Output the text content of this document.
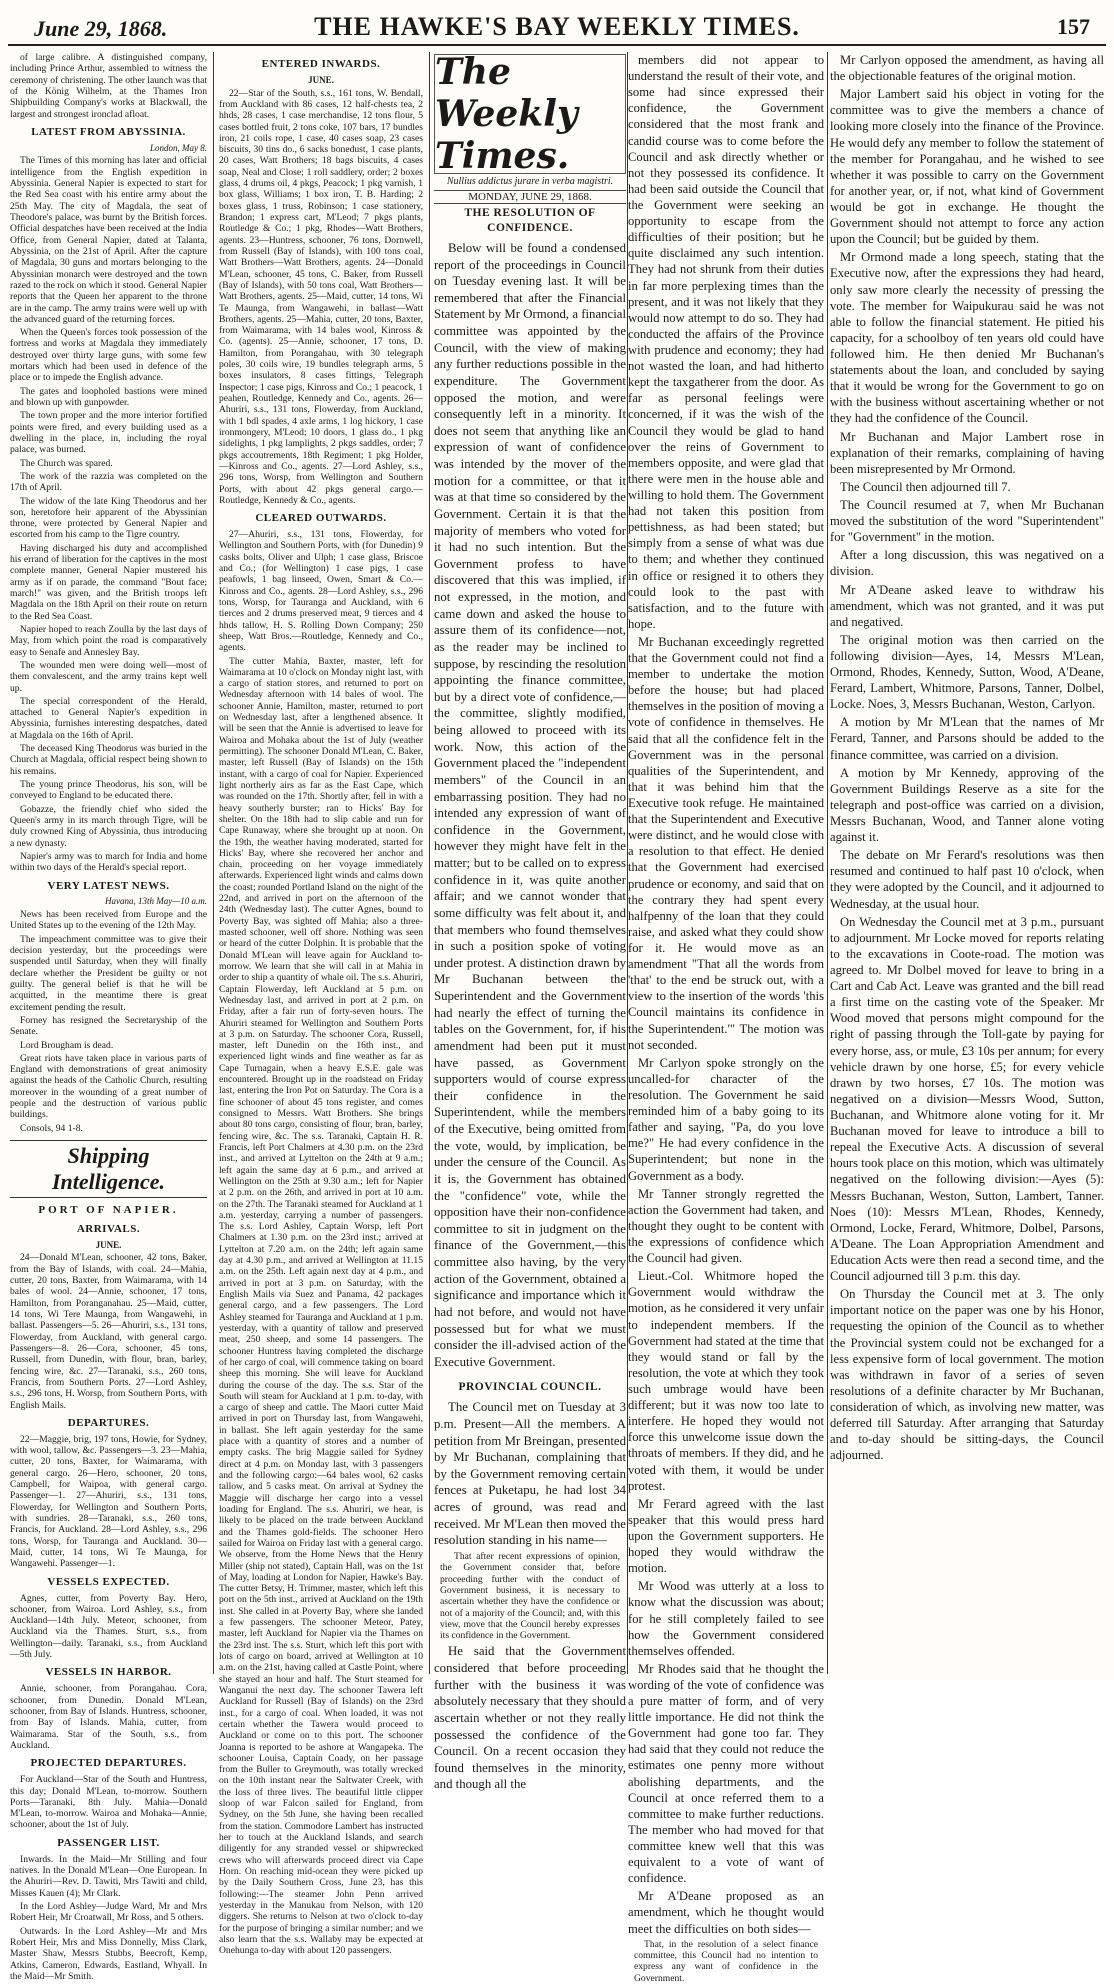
June 29, 1868.	THE HAWKE'S BAY WEEKLY TIMES.	157

of large calibre. A distinguished company, including Prince Arthur, assembled to witness the ceremony of christening. The other launch was that of the König Wilhelm, at the Thames Iron Shipbuilding Company's works at Blackwall, the largest and strongest ironclad afloat.

LATEST FROM ABYSSINIA.
London, May 8.

The Times of this morning has later and official intelligence from the English expedition in Abyssinia. General Napier is expected to start for the Red Sea coast with his entire army about the 25th May. The city of Magdala, the seat of Theodore's palace, was burnt by the British forces. Official despatches have been received at the India Office, from General Napier, dated at Talanta, Abyssinia, on the 21st of April. After the capture of Magdala, 30 guns and mortars belonging to the Abyssinian monarch were destroyed and the town razed to the rock on which it stood. General Napier reports that the Queen her apparent to the throne are in the camp. The army trains were well up with the advanced guard of the returning forces.

When the Queen's forces took possession of the fortress and works at Magdala they immediately destroyed over thirty large guns, with some few mortars which had been used in defence of the place or to impede the English advance.

The gates and loopholed bastions were mined and blown up with gunpowder.

The town proper and the more interior fortified points were fired, and every building used as a dwelling in the place, in, including the royal palace, was burned.

The Church was spared.

The work of the razzia was completed on the 17th of April.

The widow of the late King Theodorus and her son, heretofore heir apparent of the Abyssinian throne, were protected by General Napier and escorted from his camp to the Tigre country.

Having discharged his duty and accomplished his errand of liberation for the captives in the most complete manner, General Napier mustered his army as if on parade, the command "Bout face; march!" was given, and the British troops left Magdala on the 18th April on their route on return to the Red Sea Coast.

Napier hoped to reach Zoulla by the last days of May, from which point the road is comparatively easy to Senafe and Annesley Bay.

The wounded men were doing well—most of them convalescent, and the army trains kept well up.

The special correspondent of the Herald, attached to General Napier's expedition in Abyssinia, furnishes interesting despatches, dated at Magdala on the 16th of April.

The deceased King Theodorus was buried in the Church at Magdala, official respect being shown to his remains.

The young prince Theodorus, his son, will be conveyed to England to be educated there.

Gobazze, the friendly chief who sided the Queen's army in its march through Tigre, will be duly crowned King of Abyssinia, thus introducing a new dynasty.

Napier's army was to march for India and home within two days of the Herald's special report.

VERY LATEST NEWS.
Havana, 13th May—10 a.m.

News has been received from Europe and the United States up to the evening of the 12th May.

The impeachment committee was to give their decision yesterday, but the proceedings were suspended until Saturday, when they will finally declare whether the President be guilty or not guilty. The general belief is that he will be acquitted, in the meantime there is great excitement pending the result.

Forney has resigned the Secretaryship of the Senate.

Lord Brougham is dead.

Great riots have taken place in various parts of England with demonstrations of great animosity against the heads of the Catholic Church, resulting moreover in the wounding of a great number of people and the destruction of various public buildings.

Consols, 94 1-8.

Shipping Intelligence.
PORT OF NAPIER.
ARRIVALS.
JUNE.

24—Donald M'Lean, schooner, 42 tons, Baker, from the Bay of Islands, with coal. 24—Mahia, cutter, 20 tons, Baxter, from Waimarama, with 14 bales of wool. 24—Annie, schooner, 17 tons, Hamilton, from Poranganahau. 25—Maid, cutter, 14 tons, Wi Tere Maunga, from Wangawehi, in ballast. Passengers—5. 26—Ahuriri, s.s., 131 tons, Flowerday, from Auckland, with general cargo. Passengers—8. 26—Cora, schooner, 45 tons, Russell, from Dunedin, with flour, bran, barley, fencing wire, &c. 27—Taranaki, s.s., 260 tons, Francis, from Southern Ports. 27—Lord Ashley, s.s., 296 tons, H. Worsp, from Southern Ports, with English Mails.

DEPARTURES.

22—Maggie, brig, 197 tons, Howie, for Sydney, with wool, tallow, &c. Passengers—3. 23—Mahia, cutter, 20 tons, Baxter, for Waimarama, with general cargo. 26—Hero, schooner, 20 tons, Campbell, for Waipoa, with general cargo. Passenger—1. 27—Ahuriri, s.s., 131 tons, Flowerday, for Wellington and Southern Ports, with sundries. 28—Taranaki, s.s., 260 tons, Francis, for Auckland. 28—Lord Ashley, s.s., 296 tons, Worsp, for Tauranga and Auckland. 30—Maid, cutter, 14 tons, Wi Te Maunga, for Wangawehi. Passenger—1.

VESSELS EXPECTED.

Agnes, cutter, from Poverty Bay. Hero, schooner, from Wairoa. Lord Ashley, s.s., from Auckland—14th July. Meteor, schooner, from Auckland via the Thames. Sturt, s.s., from Wellington—daily. Taranaki, s.s., from Auckland—5th July.

VESSELS IN HARBOR.

Annie, schooner, from Porangahau. Cora, schooner, from Dunedin. Donald M'Lean, schooner, from Bay of Islands. Huntress, schooner, from Bay of Islands. Mahia, cutter, from Waimarama. Star of the South, s.s., from Auckland.

PROJECTED DEPARTURES.

For Auckland—Star of the South and Huntress, this day; Donald M'Lean, to-morrow. Southern Ports—Taranaki, 8th July. Mahia—Donald M'Lean, to-morrow. Wairoa and Mohaka—Annie, schooner, about the 1st of July.

PASSENGER LIST.

Inwards. In the Maid—Mr Stilling and four natives. In the Donald M'Lean—One European. In the Ahuriri—Rev. D. Tawiti, Mrs Tawiti and child, Misses Kauen (4); Mr Clark.

In the Lord Ashley—Judge Ward, Mr and Mrs Robert Heir, Mr Croatwall, Mr Ross, and 5 others.

Outwards. In the Lord Ashley—Mr and Mrs Robert Heir, Mrs and Miss Donnelly, Miss Clark, Master Shaw, Messrs Stubbs, Beecroft, Kemp, Atkins, Cameron, Edwards, Eastland, Whyall. In the Maid—Mr Smith.

ENTERED INWARDS.
JUNE.

22—Star of the South, s.s., 161 tons, W. Bendall, from Auckland with 86 cases, 12 half-chests tea, 2 hhds, 28 cases, 1 case merchandise, 12 tons flour, 5 cases bottled fruit, 2 tons coke, 107 bars, 17 bundles iron, 21 coils rope, 1 case, 40 cases soap, 23 cases biscuits, 30 tins do., 6 sacks bonedust, 1 case plants, 20 cases, Watt Brothers; 18 bags biscuits, 4 cases soap, Neal and Close; 1 roll saddlery, order; 2 boxes glass, 4 drums oil, 4 pkgs, Peacock; 1 pkg varnish, 1 box glass, Williams; 1 box iron, T. B. Harding; 2 boxes glass, 1 truss, Robinson; 1 case stationery, Brandon; 1 express cart, M'Leod; 7 pkgs plants, Routledge & Co.; 1 pkg, Rhodes—Watt Brothers, agents. 23—Huntress, schooner, 76 tons, Dornwell, from Russell (Bay of Islands), with 100 tons coal, Watt Brothers—Watt Brothers, agents. 24—Donald M'Lean, schooner, 45 tons, C. Baker, from Russell (Bay of Islands), with 50 tons coal, Watt Brothers—Watt Brothers, agents. 25—Maid, cutter, 14 tons, Wi Te Maunga, from Wangawehi, in ballast—Watt Brothers, agents. 25—Mahia, cutter, 20 tons, Baxter, from Waimarama, with 14 bales wool, Kinross & Co. (agents). 25—Annie, schooner, 17 tons, D. Hamilton, from Porangahau, with 30 telegraph poles, 30 coils wire, 19 bundles telegraph arms, 5 boxes insulators, 8 cases fittings, Telegraph Inspector; 1 case pigs, Kinross and Co.; 1 peacock, 1 peahen, Routledge, Kennedy and Co., agents. 26—Ahuriri, s.s., 131 tons, Flowerday, from Auckland, with 1 bdl spades, 4 axle arms, 1 log hickory, 1 case ironmongery, M'Leod; 10 doors, 1 glass do., 1 pkg sidelights, 1 pkg lamplights, 2 pkgs saddles, order; 7 pkgs accoutrements, 18th Regiment; 1 pkg Holder,—Kinross and Co., agents. 27—Lord Ashley, s.s., 296 tons, Worsp, from Wellington and Southern Ports, with about 42 pkgs general cargo.—Routledge, Kennedy & Co., agents.

CLEARED OUTWARDS.

27—Ahuriri, s.s., 131 tons, Flowerday, for Wellington and Southern Ports, with (for Dunedin) 9 casks bolts, Oliver and Ulph; 1 case glass, Briscoe and Co.; (for Wellington) 1 case pigs, 1 case peafowls, 1 bag linseed, Owen, Smart & Co.—Kinross and Co., agents. 28—Lord Ashley, s.s., 296 tons, Worsp, for Tauranga and Auckland, with 6 tierces and 2 drums preserved meat, 9 tierces and 4 hhds tallow, H. S. Rolling Down Company; 250 sheep, Watt Bros.—Routledge, Kennedy and Co., agents.

The cutter Mahia, Baxter, master, left for Waimarama at 10 o'clock on Monday night last, with a cargo of station stores, and returned to port on Wednesday afternoon with 14 bales of wool. The schooner Annie, Hamilton, master, returned to port on Wednesday last, after a lengthened absence. It will be seen that the Annie is advertised to leave for Wairoa and Mohaka about the 1st of July (weather permitting). The schooner Donald M'Lean, C. Baker, master, left Russell (Bay of Islands) on the 15th instant, with a cargo of coal for Napier. Experienced light northerly airs as far as the East Cape, which was rounded on the 17th. Shortly after, fell in with a heavy southerly burster; ran to Hicks' Bay for shelter. On the 18th had to slip cable and run for Cape Runaway, where she brought up at noon. On the 19th, the weather having moderated, started for Hicks' Bay, where she recovered her anchor and chain, proceeding on her voyage immediately afterwards. Experienced light winds and calms down the coast; rounded Portland Island on the night of the 22nd, and arrived in port on the afternoon of the 24th (Wednesday last). The cutter Agnes, bound to Poverty Bay, was sighted off Mahia; also a three-masted schooner, well off shore. Nothing was seen or heard of the cutter Dolphin. It is probable that the Donald M'Lean will leave again for Auckland to-morrow. We learn that she will call in at Mahia in order to ship a quantity of whale oil. The s.s. Ahuriri, Captain Flowerday, left Auckland at 5 p.m. on Wednesday last, and arrived in port at 2 p.m. on Friday, after a fair run of forty-seven hours. The Ahuriri steamed for Wellington and Southern Ports at 3 p.m. on Saturday. The schooner Cora, Russell, master, left Dunedin on the 16th inst., and experienced light winds and fine weather as far as Cape Turnagain, when a heavy E.S.E. gale was encountered. Brought up in the roadstead on Friday last, entering the Iron Pot on Saturday. The Cora is a fine schooner of about 45 tons register, and comes consigned to Messrs. Watt Brothers. She brings about 80 tons cargo, consisting of flour, bran, barley, fencing wire, &c. The s.s. Taranaki, Captain H. R. Francis, left Port Chalmers at 4.30 p.m. on the 23rd inst., and arrived at Lyttelton on the 24th at 9 a.m.; left again the same day at 6 p.m., and arrived at Wellington on the 25th at 9.30 a.m.; left for Napier at 2 p.m. on the 26th, and arrived in port at 10 a.m. on the 27th. The Taranaki steamed for Auckland at 1 a.m. yesterday, carrying a number of passengers. The s.s. Lord Ashley, Captain Worsp, left Port Chalmers at 1.30 p.m. on the 23rd inst.; arrived at Lyttelton at 7.20 a.m. on the 24th; left again same day at 4.30 p.m., and arrived at Wellington at 11.15 a.m. on the 25th. Left again next day at 4 p.m., and arrived in port at 3 p.m. on Saturday, with the English Mails via Suez and Panama, 42 packages general cargo, and a few passengers. The Lord Ashley steamed for Tauranga and Auckland at 1 p.m. yesterday, with a quantity of tallow and preserved meat, 250 sheep, and some 14 passengers. The schooner Huntress having completed the discharge of her cargo of coal, will commence taking on board sheep this morning. She will leave for Auckland during the course of the day. The s.s. Star of the South will steam for Auckland at 1 p.m. to-day, with a cargo of sheep and cattle. The Maori cutter Maid arrived in port on Thursday last, from Wangawehi, in ballast. She left again yesterday for the same place with a quantity of stores and a number of empty casks. The brig Maggie sailed for Sydney direct at 4 p.m. on Monday last, with 3 passengers and the following cargo:—64 bales wool, 62 casks tallow, and 5 casks meat. On arrival at Sydney the Maggie will discharge her cargo into a vessel loading for England. The s.s. Ahuriri, we hear, is likely to be placed on the trade between Auckland and the Thames gold-fields. The schooner Hero sailed for Wairoa on Friday last with a general cargo. We observe, from the Home News that the Henry Miller (ship not stated), Captain Hall, was on the 1st of May, loading at London for Napier, Hawke's Bay. The cutter Betsy, H. Trimmer, master, which left this port on the 5th inst., arrived at Auckland on the 19th inst. She called in at Poverty Bay, where she landed a few passengers. The schooner Meteor, Patey, master, left Auckland for Napier via the Thames on the 23rd inst. The s.s. Sturt, which left this port with lots of cargo on board, arrived at Wellington at 10 a.m. on the 21st, having called at Castle Point, where she stayed an hour and half. The Sturt steamed for Wanganui the next day. The schooner Tawera left Auckland for Russell (Bay of Islands) on the 23rd inst., for a cargo of coal. When loaded, it was not certain whether the Tawera would proceed to Auckland or come on to this port. The schooner Joanna is reported to be ashore at Wangapeka. The schooner Louisa, Captain Coady, on her passage from the Buller to Greymouth, was totally wrecked on the 10th instant near the Saltwater Creek, with the loss of three lives. The beautiful little clipper sloop of war Falcon sailed for England, from Sydney, on the 5th June, she having been recalled from the station. Commodore Lambert has instructed her to touch at the Auckland Islands, and search diligently for any stranded vessel or shipwrecked crews who will afterwards proceed direct via Cape Horn. On reaching mid-ocean they were picked up by the Daily Southern Cross, June 23, has this following:—The steamer John Penn arrived yesterday in the Manukau from Nelson, with 120 diggers. She returns to Nelson at two o'clock to-day for the purpose of bringing a similar number; and we also learn that the s.s. Wallaby may be expected at Onehunga to-day with about 120 passengers.

The Weekly Times.
Nullius addictus jurare in verba magistri.
MONDAY, JUNE 29, 1868.
THE RESOLUTION OF CONFIDENCE.

Below will be found a condensed report of the proceedings in Council on Tuesday evening last. It will be remembered that after the Financial Statement by Mr Ormond, a financial committee was appointed by the Council, with the view of making any further reductions possible in the expenditure. The Government opposed the motion, and were consequently left in a minority. It does not seem that anything like an expression of want of confidence was intended by the mover of the motion for a committee, or that it was at that time so considered by the Government. Certain it is that the majority of members who voted for it had no such intention. But the Government profess to have discovered that this was implied, if not expressed, in the motion, and came down and asked the house to assure them of its confidence—not, as the reader may be inclined to suppose, by rescinding the resolution appointing the finance committee, but by a direct vote of confidence,—the committee, slightly modified, being allowed to proceed with its work. Now, this action of the Government placed the "independent members" of the Council in an embarrassing position. They had no intended any expression of want of confidence in the Government, however they might have felt in the matter; but to be called on to express confidence in it, was quite another affair; and we cannot wonder that some difficulty was felt about it, and that members who found themselves in such a position spoke of voting under protest. A distinction drawn by Mr Buchanan between the Superintendent and the Government had nearly the effect of turning the tables on the Government, for, if his amendment had been put it must have passed, as Government supporters would of course express their confidence in the Superintendent, while the members of the Executive, being omitted from the vote, would, by implication, be under the censure of the Council. As it is, the Government has obtained the "confidence" vote, while the opposition have their non-confidence committee to sit in judgment on the finance of the Government,—this committee also having, by the very action of the Government, obtained a significance and importance which it had not before, and would not have possessed but for what we must consider the ill-advised action of the Executive Government.

PROVINCIAL COUNCIL.

The Council met on Tuesday at 3 p.m. Present—All the members. A petition from Mr Breingan, presented by Mr Buchanan, complaining that by the Government removing certain fences at Puketapu, he had lost 34 acres of ground, was read and received. Mr M'Lean then moved the resolution standing in his name—

That after recent expressions of opinion, the Government consider that, before proceeding further with the conduct of Government business, it is necessary to ascertain whether they have the confidence or not of a majority of the Council; and, with this view, move that the Council hereby expresses its confidence in the Government.

He said that the Government considered that before proceeding further with the business it was absolutely necessary that they should ascertain whether or not they really possessed the confidence of the Council. On a recent occasion they found themselves in the minority, and though all the

members did not appear to understand the result of their vote, and some had since expressed their confidence, the Government considered that the most frank and candid course was to come before the Council and ask directly whether or not they possessed its confidence. It had been said outside the Council that the Government were seeking an opportunity to escape from the difficulties of their position; but he quite disclaimed any such intention. They had not shrunk from their duties in far more perplexing times than the present, and it was not likely that they would now attempt to do so. They had conducted the affairs of the Province with prudence and economy; they had not wasted the loan, and had hitherto kept the taxgatherer from the door. As far as personal feelings were concerned, if it was the wish of the Council they would be glad to hand over the reins of Government to members opposite, and were glad that there were men in the house able and willing to hold them. The Government had not taken this position from pettishness, as had been stated; but simply from a sense of what was due to them; and whether they continued in office or resigned it to others they could look to the past with satisfaction, and to the future with hope.

Mr Buchanan exceedingly regretted that the Government could not find a member to undertake the motion before the house; but had placed themselves in the position of moving a vote of confidence in themselves. He said that all the confidence felt in the Government was in the personal qualities of the Superintendent, and that it was behind him that the Executive took refuge. He maintained that the Superintendent and Executive were distinct, and he would close with a resolution to that effect. He denied that the Government had exercised prudence or economy, and said that on the contrary they had spent every halfpenny of the loan that they could raise, and asked what they could show for it. He would move as an amendment "That all the words from 'that' to the end be struck out, with a view to the insertion of the words 'this Council maintains its confidence in the Superintendent.'" The motion was not seconded.

Mr Carlyon spoke strongly on the uncalled-for character of the resolution. The Government he said reminded him of a baby going to its father and saying, "Pa, do you love me?" He had every confidence in the Superintendent; but none in the Government as a body.

Mr Tanner strongly regretted the action the Government had taken, and thought they ought to be content with the expressions of confidence which the Council had given.

Lieut.-Col. Whitmore hoped the Government would withdraw the motion, as he considered it very unfair to independent members. If the Government had stated at the time that they would stand or fall by the resolution, the vote at which they took such umbrage would have been different; but it was now too late to interfere. He hoped they would not force this unwelcome issue down the throats of members. If they did, and he voted with them, it would be under protest.

Mr Ferard agreed with the last speaker that this would press hard upon the Government supporters. He hoped they would withdraw the motion.

Mr Wood was utterly at a loss to know what the discussion was about; for he still completely failed to see how the Government considered themselves offended.

Mr Rhodes said that he thought the wording of the vote of confidence was a pure matter of form, and of very little importance. He did not think the Government had gone too far. They had said that they could not reduce the estimates one penny more without abolishing departments, and the Council at once referred them to a committee to make further reductions. The member who had moved for that committee knew well that this was equivalent to a vote of want of confidence.

Mr A'Deane proposed as an amendment, which he thought would meet the difficulties on both sides—

That, in the resolution of a select finance committee, this Council had no intention to express any want of confidence in the Government.

Mr Carlyon opposed the amendment, as having all the objectionable features of the original motion.

Major Lambert said his object in voting for the committee was to give the members a chance of looking more closely into the finance of the Province. He would defy any member to follow the statement of the member for Porangahau, and he wished to see whether it was possible to carry on the Government for another year, or, if not, what kind of Government would be got in exchange. He thought the Government should not attempt to force any action upon the Council; but be guided by them.

Mr Ormond made a long speech, stating that the Executive now, after the expressions they had heard, only saw more clearly the necessity of pressing the vote. The member for Waipukurau said he was not able to follow the financial statement. He pitied his capacity, for a schoolboy of ten years old could have followed him. He then denied Mr Buchanan's statements about the loan, and concluded by saying that it would be wrong for the Government to go on with the business without ascertaining whether or not they had the confidence of the Council.

Mr Buchanan and Major Lambert rose in explanation of their remarks, complaining of having been misrepresented by Mr Ormond.

The Council then adjourned till 7.

The Council resumed at 7, when Mr Buchanan moved the substitution of the word "Superintendent" for "Government" in the motion.

After a long discussion, this was negatived on a division.

Mr A'Deane asked leave to withdraw his amendment, which was not granted, and it was put and negatived.

The original motion was then carried on the following division—Ayes, 14, Messrs M'Lean, Ormond, Rhodes, Kennedy, Sutton, Wood, A'Deane, Ferard, Lambert, Whitmore, Parsons, Tanner, Dolbel, Locke. Noes, 3, Messrs Buchanan, Weston, Carlyon.

A motion by Mr M'Lean that the names of Mr Ferard, Tanner, and Parsons should be added to the finance committee, was carried on a division.

A motion by Mr Kennedy, approving of the Government Buildings Reserve as a site for the telegraph and post-office was carried on a division, Messrs Buchanan, Wood, and Tanner alone voting against it.

The debate on Mr Ferard's resolutions was then resumed and continued to half past 10 o'clock, when they were adopted by the Council, and it adjourned to Wednesday, at the usual hour.

On Wednesday the Council met at 3 p.m., pursuant to adjournment. Mr Locke moved for reports relating to the excavations in Coote-road. The motion was agreed to. Mr Dolbel moved for leave to bring in a Cart and Cab Act. Leave was granted and the bill read a first time on the casting vote of the Speaker. Mr Wood moved that persons might compound for the right of passing through the Toll-gate by paying for every horse, ass, or mule, £3 10s per annum; for every vehicle drawn by one horse, £5; for every vehicle drawn by two horses, £7 10s. The motion was negatived on a division—Messrs Wood, Sutton, Buchanan, and Whitmore alone voting for it. Mr Buchanan moved for leave to introduce a bill to repeal the Executive Acts. A discussion of several hours took place on this motion, which was ultimately negatived on the following division:—Ayes (5): Messrs Buchanan, Weston, Sutton, Lambert, Tanner. Noes (10): Messrs M'Lean, Rhodes, Kennedy, Ormond, Locke, Ferard, Whitmore, Dolbel, Parsons, A'Deane. The Loan Appropriation Amendment and Education Acts were then read a second time, and the Council adjourned till 3 p.m. this day.

On Thursday the Council met at 3. The only important notice on the paper was one by his Honor, requesting the opinion of the Council as to whether the Provincial system could not be exchanged for a less expensive form of local government. The motion was withdrawn in favor of a series of seven resolutions of a definite character by Mr Buchanan, consideration of which, as involving new matter, was deferred till Saturday. After arranging that Saturday and to-day should be sitting-days, the Council adjourned.
